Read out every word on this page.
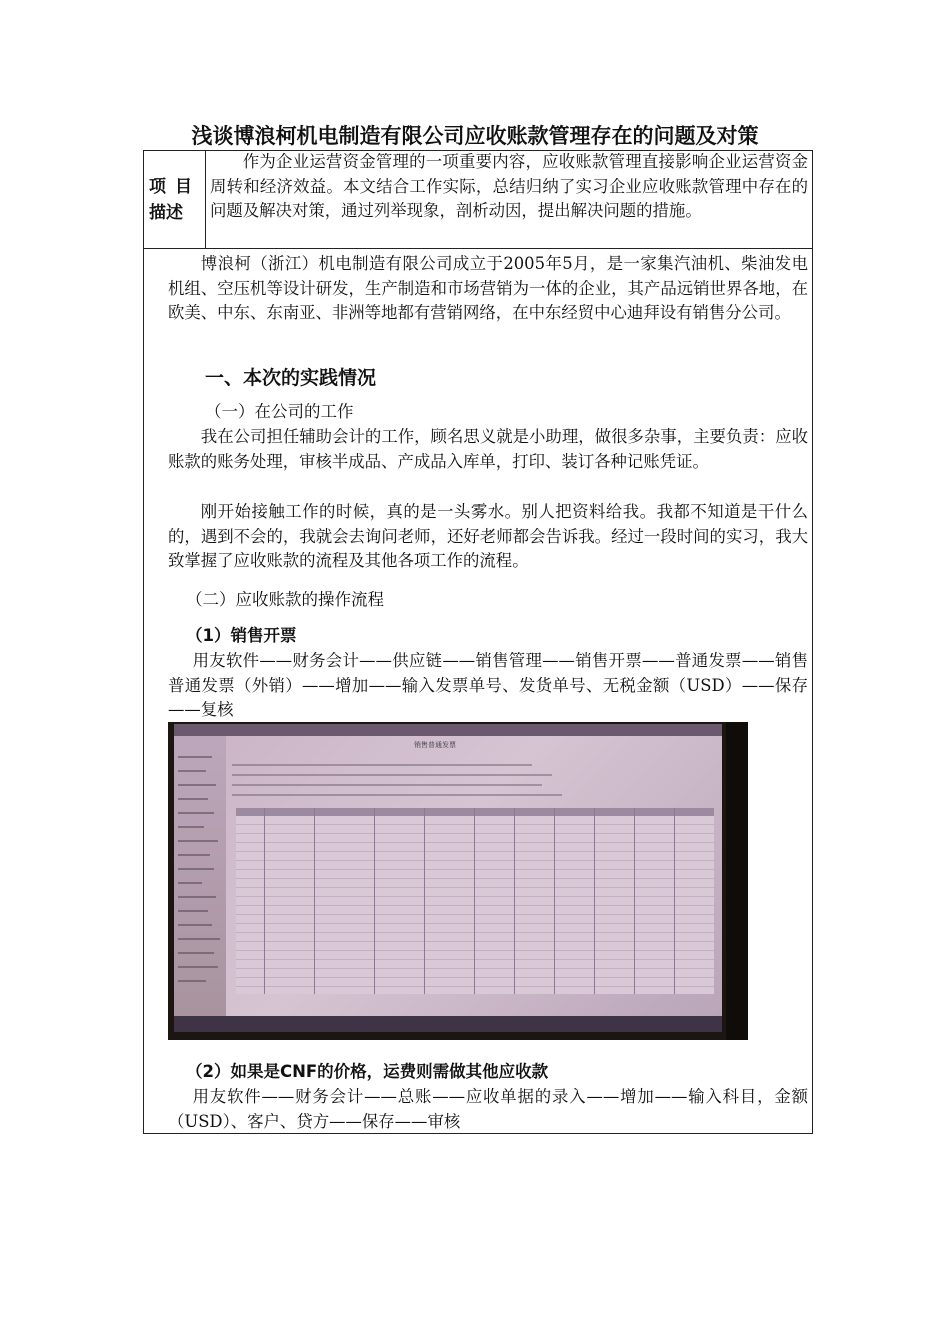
浅谈博浪柯机电制造有限公司应收账款管理存在的问题及对策
项目
描述
作为企业运营资金管理的一项重要内容，应收账款管理直接影响企业运营资金周转和经济效益。本文结合工作实际，总结归纳了实习企业应收账款管理中存在的问题及解决对策，通过列举现象，剖析动因，提出解决问题的措施。
博浪柯（浙江）机电制造有限公司成立于2005年5月，是一家集汽油机、柴油发电机组、空压机等设计研发，生产制造和市场营销为一体的企业，其产品远销世界各地，在欧美、中东、东南亚、非洲等地都有营销网络，在中东经贸中心迪拜设有销售分公司。
一、本次的实践情况
（一）在公司的工作
我在公司担任辅助会计的工作，顾名思义就是小助理，做很多杂事，主要负责：应收账款的账务处理，审核半成品、产成品入库单，打印、装订各种记账凭证。
刚开始接触工作的时候，真的是一头雾水。别人把资料给我。我都不知道是干什么的，遇到不会的，我就会去询问老师，还好老师都会告诉我。经过一段时间的实习，我大致掌握了应收账款的流程及其他各项工作的流程。
（二）应收账款的操作流程
（1）销售开票
用友软件——财务会计——供应链——销售管理——销售开票——普通发票——销售普通发票（外销）——增加——输入发票单号、发货单号、无税金额（USD）——保存——复核
销售普通发票
（2）如果是CNF的价格，运费则需做其他应收款
用友软件——财务会计——总账——应收单据的录入——增加——输入科目，金额（USD）、客户、贷方——保存——审核
